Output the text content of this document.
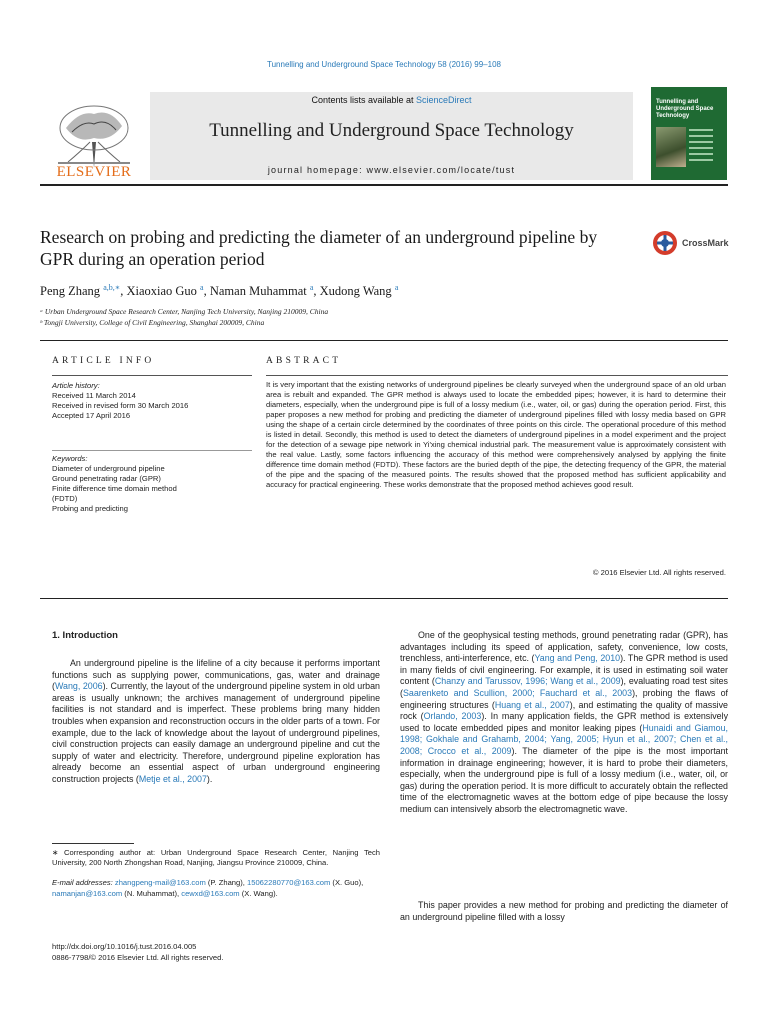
Tunnelling and Underground Space Technology 58 (2016) 99–108
ELSEVIER
Contents lists available at ScienceDirect
Tunnelling and Underground Space Technology
journal homepage: www.elsevier.com/locate/tust
Tunnelling and Underground Space Technology
Research on probing and predicting the diameter of an underground pipeline by GPR during an operation period
CrossMark
Peng Zhang $^{a,b,∗}$, Xiaoxiao Guo $^a$, Naman Muhammat $^a$, Xudong Wang $^a$
ᵃ Urban Underground Space Research Center, Nanjing Tech University, Nanjing 210009, China
ᵇ Tongji University, College of Civil Engineering, Shanghai 200009, China
ARTICLE INFO	ABSTRACT
Article history:
Received 11 March 2014
Received in revised form 30 March 2016
Accepted 17 April 2016
Keywords:
Diameter of underground pipeline
Ground penetrating radar (GPR)
Finite difference time domain method
(FDTD)
Probing and predicting
It is very important that the existing networks of underground pipelines be clearly surveyed when the underground space of an old urban area is rebuilt and expanded. The GPR method is always used to locate the embedded pipes; however, it is hard to determine their diameters, especially, when the underground pipe is full of a lossy medium (i.e., water, oil, or gas) during the operation period. First, this paper proposes a new method for probing and predicting the diameter of underground pipelines filled with lossy media based on GPR using the shape of a certain circle determined by the coordinates of three points on this circle. The operational procedure of this method is listed in detail. Secondly, this method is used to detect the diameters of underground pipelines in a model experiment and the project for the detection of a sewage pipe network in Yi'xing chemical industrial park. The measurement value is approximately consistent with the real value. Lastly, some factors influencing the accuracy of this method were comprehensively analysed by applying the finite difference time domain method (FDTD). These factors are the buried depth of the pipe, the detecting frequency of the GPR, the material of the pipe and the spacing of the measured points. The results showed that the proposed method has sufficient applicability and accuracy for practical engineering. These works demonstrate that the proposed method achieves good result.
© 2016 Elsevier Ltd. All rights reserved.
1. Introduction
An underground pipeline is the lifeline of a city because it performs important functions such as supplying power, communications, gas, water and drainage (Wang, 2006). Currently, the layout of the underground pipeline system in old urban areas is usually unknown; the archives management of underground pipeline facilities is not standard and is imperfect. These problems bring many hidden troubles when expansion and reconstruction occurs in the older parts of a town. For example, due to the lack of knowledge about the layout of underground pipelines, civil construction projects can easily damage an underground pipeline and cut the supply of water and electricity. Therefore, underground pipeline exploration has already become an essential aspect of urban underground engineering construction projects (Metje et al., 2007).
One of the geophysical testing methods, ground penetrating radar (GPR), has advantages including its speed of application, safety, convenience, low costs, trenchless, anti-interference, etc. (Yang and Peng, 2010). The GPR method is used in many fields of civil engineering. For example, it is used in estimating soil water content (Chanzy and Tarussov, 1996; Wang et al., 2009), evaluating road test sites (Saarenketo and Scullion, 2000; Fauchard et al., 2003), probing the flaws of engineering structures (Huang et al., 2007), and estimating the quality of massive rock (Orlando, 2003). In many application fields, the GPR method is extensively used to locate embedded pipes and monitor leaking pipes (Hunaidi and Giamou, 1998; Gokhale and Grahamb, 2004; Yang, 2005; Hyun et al., 2007; Chen et al., 2008; Crocco et al., 2009). The diameter of the pipe is the most important information in drainage engineering; however, it is hard to probe their diameters, especially, when the underground pipe is full of a lossy medium (i.e., water, oil, or gas) during the operation period. It is more difficult to accurately obtain the reflected time of the electromagnetic waves at the bottom edge of pipe because the lossy medium can intensively absorb the electromagnetic wave.
This paper provides a new method for probing and predicting the diameter of an underground pipeline filled with a lossy
∗ Corresponding author at: Urban Underground Space Research Center, Nanjing Tech University, 200 North Zhongshan Road, Nanjing, Jiangsu Province 210009, China.
E-mail addresses: zhangpeng-mail@163.com (P. Zhang), 15062280770@163.com (X. Guo), namanjan@163.com (N. Muhammat), cewxd@163.com (X. Wang).
http://dx.doi.org/10.1016/j.tust.2016.04.005
0886-7798/© 2016 Elsevier Ltd. All rights reserved.
